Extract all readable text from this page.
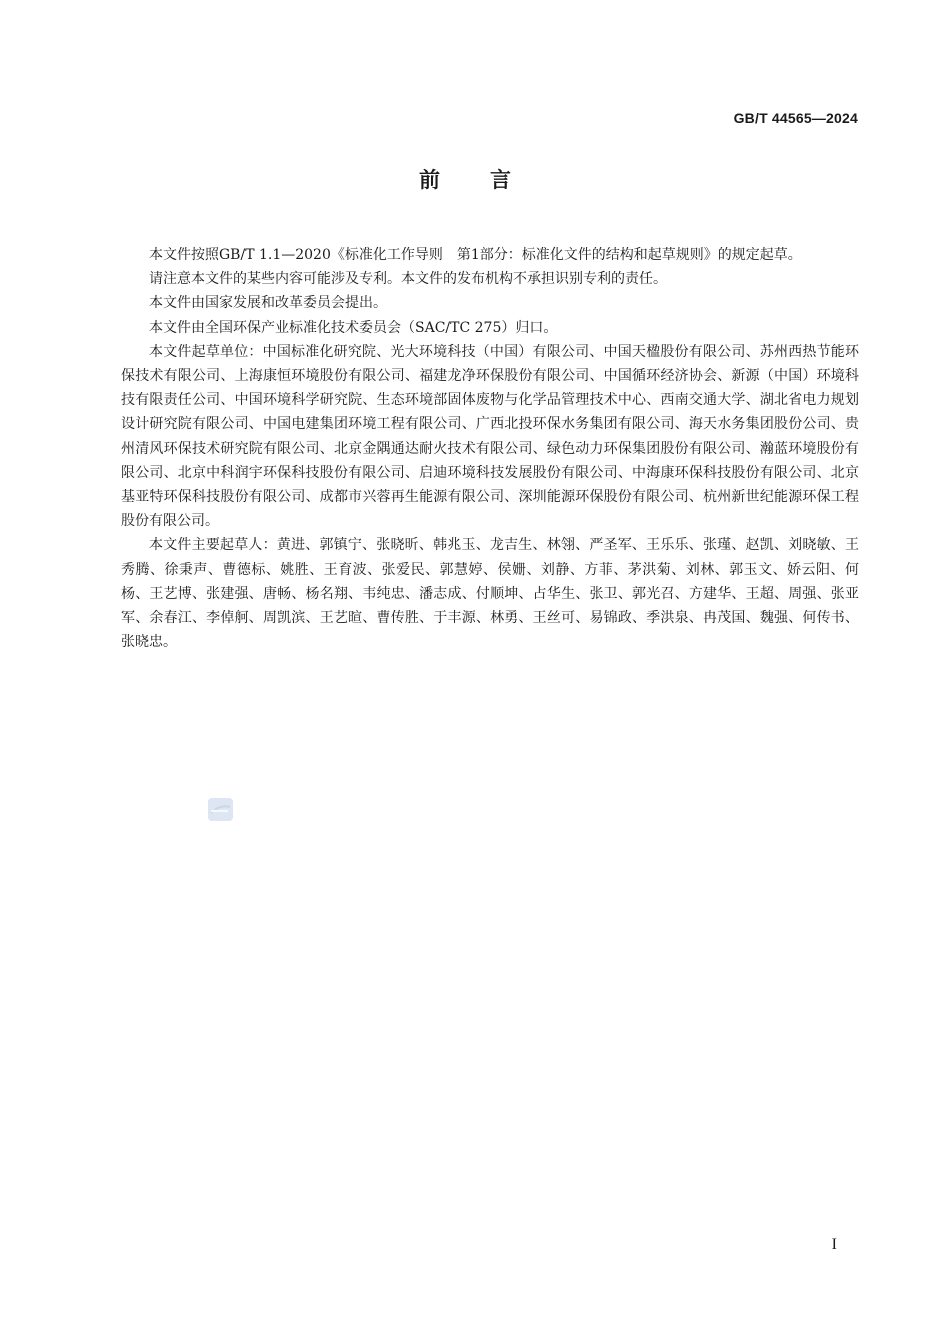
GB/T 44565—2024
前言

本文件按照GB/T 1.1—2020《标准化工作导则　第1部分：标准化文件的结构和起草规则》的规定起草。

请注意本文件的某些内容可能涉及专利。本文件的发布机构不承担识别专利的责任。

本文件由国家发展和改革委员会提出。

本文件由全国环保产业标准化技术委员会（SAC/TC 275）归口。

本文件起草单位：中国标准化研究院、光大环境科技（中国）有限公司、中国天楹股份有限公司、苏州西热节能环保技术有限公司、上海康恒环境股份有限公司、福建龙净环保股份有限公司、中国循环经济协会、新源（中国）环境科技有限责任公司、中国环境科学研究院、生态环境部固体废物与化学品管理技术中心、西南交通大学、湖北省电力规划设计研究院有限公司、中国电建集团环境工程有限公司、广西北投环保水务集团有限公司、海天水务集团股份公司、贵州清风环保技术研究院有限公司、北京金隅通达耐火技术有限公司、绿色动力环保集团股份有限公司、瀚蓝环境股份有限公司、北京中科润宇环保科技股份有限公司、启迪环境科技发展股份有限公司、中海康环保科技股份有限公司、北京基亚特环保科技股份有限公司、成都市兴蓉再生能源有限公司、深圳能源环保股份有限公司、杭州新世纪能源环保工程股份有限公司。

本文件主要起草人：黄进、郭镇宁、张晓昕、韩兆玉、龙吉生、林翎、严圣军、王乐乐、张瑾、赵凯、刘晓敏、王秀腾、徐秉声、曹德标、姚胜、王育波、张爱民、郭慧婷、侯姗、刘静、方菲、茅洪菊、刘林、郭玉文、娇云阳、何杨、王艺博、张建强、唐畅、杨名翔、韦纯忠、潘志成、付顺坤、占华生、张卫、郭光召、方建华、王超、周强、张亚军、余春江、李倬舸、周凯滨、王艺暄、曹传胜、于丰源、林勇、王丝可、易锦政、季洪泉、冉茂国、魏强、何传书、张晓忠。

I
